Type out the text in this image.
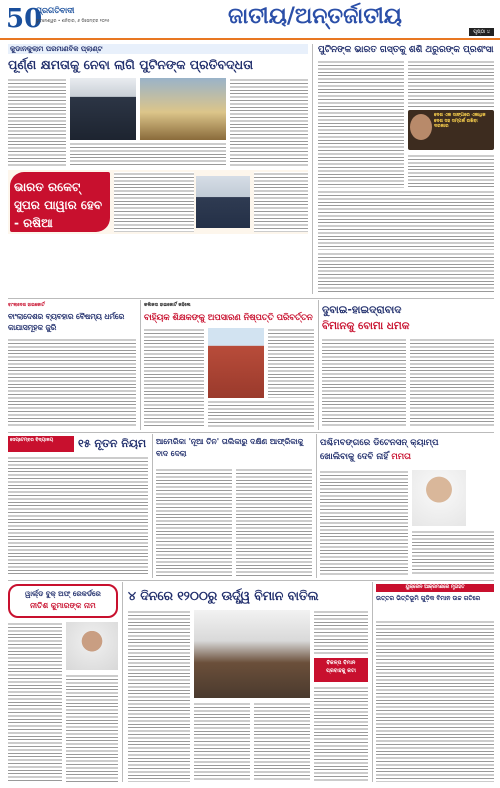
50
ପ୍ରଗତିବାଦୀ
ଭୁବନେଶ୍ୱର • ଶନିବାର, ୬ ଡିସେମ୍ବର ୨୦୨୫	ଜାତୀୟ/ଅନ୍ତର୍ଜାତୀୟ
ପୃଷ୍ଠା ୪
କୁଡାନକୁଲାମ ପରମାଣବିକ ପ୍ଲାଣ୍ଟ
ପୂର୍ଣ୍ଣ କ୍ଷମତାକୁ ନେବା ଲାଗି ପୁଟିନଙ୍କ ପ୍ରତିବଦ୍ଧତା
ପୁଟିନଙ୍କ ଭାରତ ଗସ୍ତକୁ ଶଶି ଥରୁରଙ୍କ ପ୍ରଶଂସା
ଦେଶ ଏକ ସାଙ୍ଗରେ ଏକାଧିକ ଦେଶ ସହ ସମ୍ପର୍କ ରଖିବା ଦରକାର
ଭାରତ ରକେଟ୍
ସୁପର ପାୱାର ହେବ - ରଷିଆ
ବାଂଲାଦେଶ ହାଇକୋର୍ଟ
ବାଂଲାଦେଶର ବ୍ୟବହାର ବୈଷମ୍ୟ ଧର୍ମରେ କାଯାସମୂହକ ଜୁରି
କଲିକତା ହାଇକୋର୍ଟ କହିଲେ
ବାହ୍ୟିକ ଶିକ୍ଷକଙ୍କୁ ଅପସାରଣ ନିଷ୍ପତ୍ତି ପରିବର୍ତ୍ତନ
ଦୁବାଇ-ହାଇଦ୍ରାବାଦ
ବିମାନକୁ ବୋମା ଧମକ
ସେପ୍ଟେମ୍ବର ବିଦ୍ୟାଳୟ	୧୫ ନୂତନ ନିୟମ ଆମେରିକା 'ନୂଆ ତିନ' ତାଲିକାରୁ ଦକ୍ଷିଣ ଆଫ୍ରିକାକୁ ବାଦ ଦେଲା
ପଶ୍ଚିମବଙ୍ଗରେ ଡିଟେନସନ୍ କ୍ୟାମ୍ପ
ଖୋଲିବାକୁ ଦେବି ନାହିଁ ମମତା
ୱାର୍ଲ୍ଡ ବୁକ୍ ଅଫ୍ ରେକର୍ଡରେ
ନୀତିଶ କୁମାରଙ୍କ ନାମ
୪ ଦିନରେ ୧୨୦୦ରୁ ଊର୍ଦ୍ଧ୍ୱ ବିମାନ ବାତିଲ
ବିକଳ୍ପ ବିମାନ ପ୍ରବାହକୁ କଟା
ୟୁକ୍ରେନ ଆକ୍ରମଣରେ ମୃତାହତ
ଉତ୍ତର ଭିତ୍ତିଭୂମି ଗୁଡ଼ିକ ବିମାନ ଉଚ୍ଚ ଗତିରେ
